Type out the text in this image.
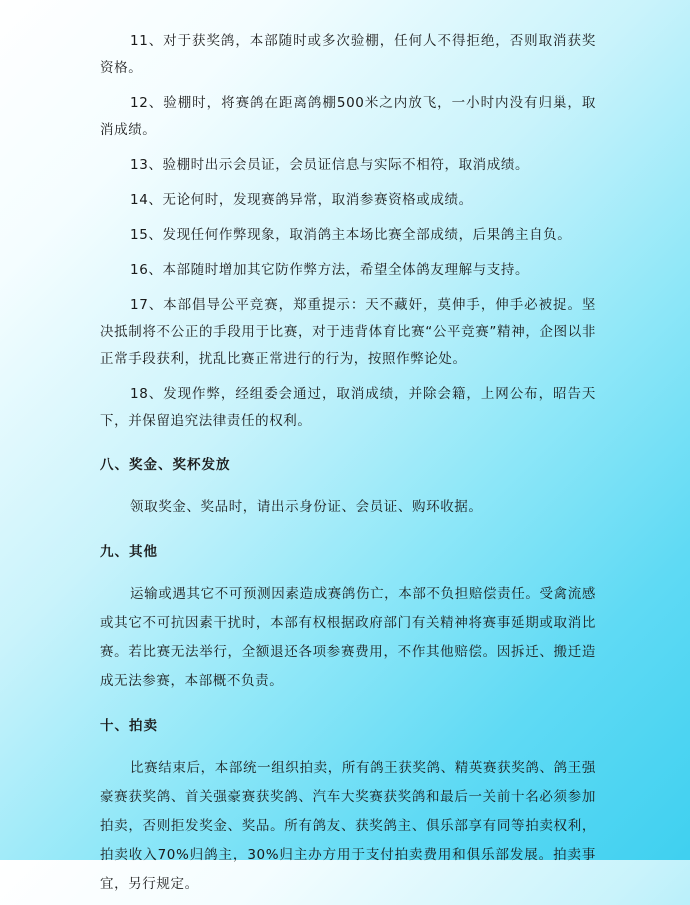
11、对于获奖鸽，本部随时或多次验棚，任何人不得拒绝，否则取消获奖资格。

12、验棚时，将赛鸽在距离鸽棚500米之内放飞，一小时内没有归巢，取消成绩。

13、验棚时出示会员证，会员证信息与实际不相符，取消成绩。

14、无论何时，发现赛鸽异常，取消参赛资格或成绩。

15、发现任何作弊现象，取消鸽主本场比赛全部成绩，后果鸽主自负。

16、本部随时增加其它防作弊方法，希望全体鸽友理解与支持。

17、本部倡导公平竞赛，郑重提示：天不藏奸，莫伸手，伸手必被捉。坚决抵制将不公正的手段用于比赛，对于违背体育比赛“公平竞赛”精神，企图以非正常手段获利，扰乱比赛正常进行的行为，按照作弊论处。

18、发现作弊，经组委会通过，取消成绩，并除会籍，上网公布，昭告天下，并保留追究法律责任的权利。

八、奖金、奖杯发放

领取奖金、奖品时，请出示身份证、会员证、购环收据。

九、其他

运输或遇其它不可预测因素造成赛鸽伤亡，本部不负担赔偿责任。受禽流感或其它不可抗因素干扰时，本部有权根据政府部门有关精神将赛事延期或取消比赛。若比赛无法举行，全额退还各项参赛费用，不作其他赔偿。因拆迁、搬迁造成无法参赛，本部概不负责。

十、拍卖

比赛结束后，本部统一组织拍卖，所有鸽王获奖鸽、精英赛获奖鸽、鸽王强豪赛获奖鸽、首关强豪赛获奖鸽、汽车大奖赛获奖鸽和最后一关前十名必须参加拍卖，否则拒发奖金、奖品。所有鸽友、获奖鸽主、俱乐部享有同等拍卖权利，拍卖收入70%归鸽主，30%归主办方用于支付拍卖费用和俱乐部发展。拍卖事宜，另行规定。
